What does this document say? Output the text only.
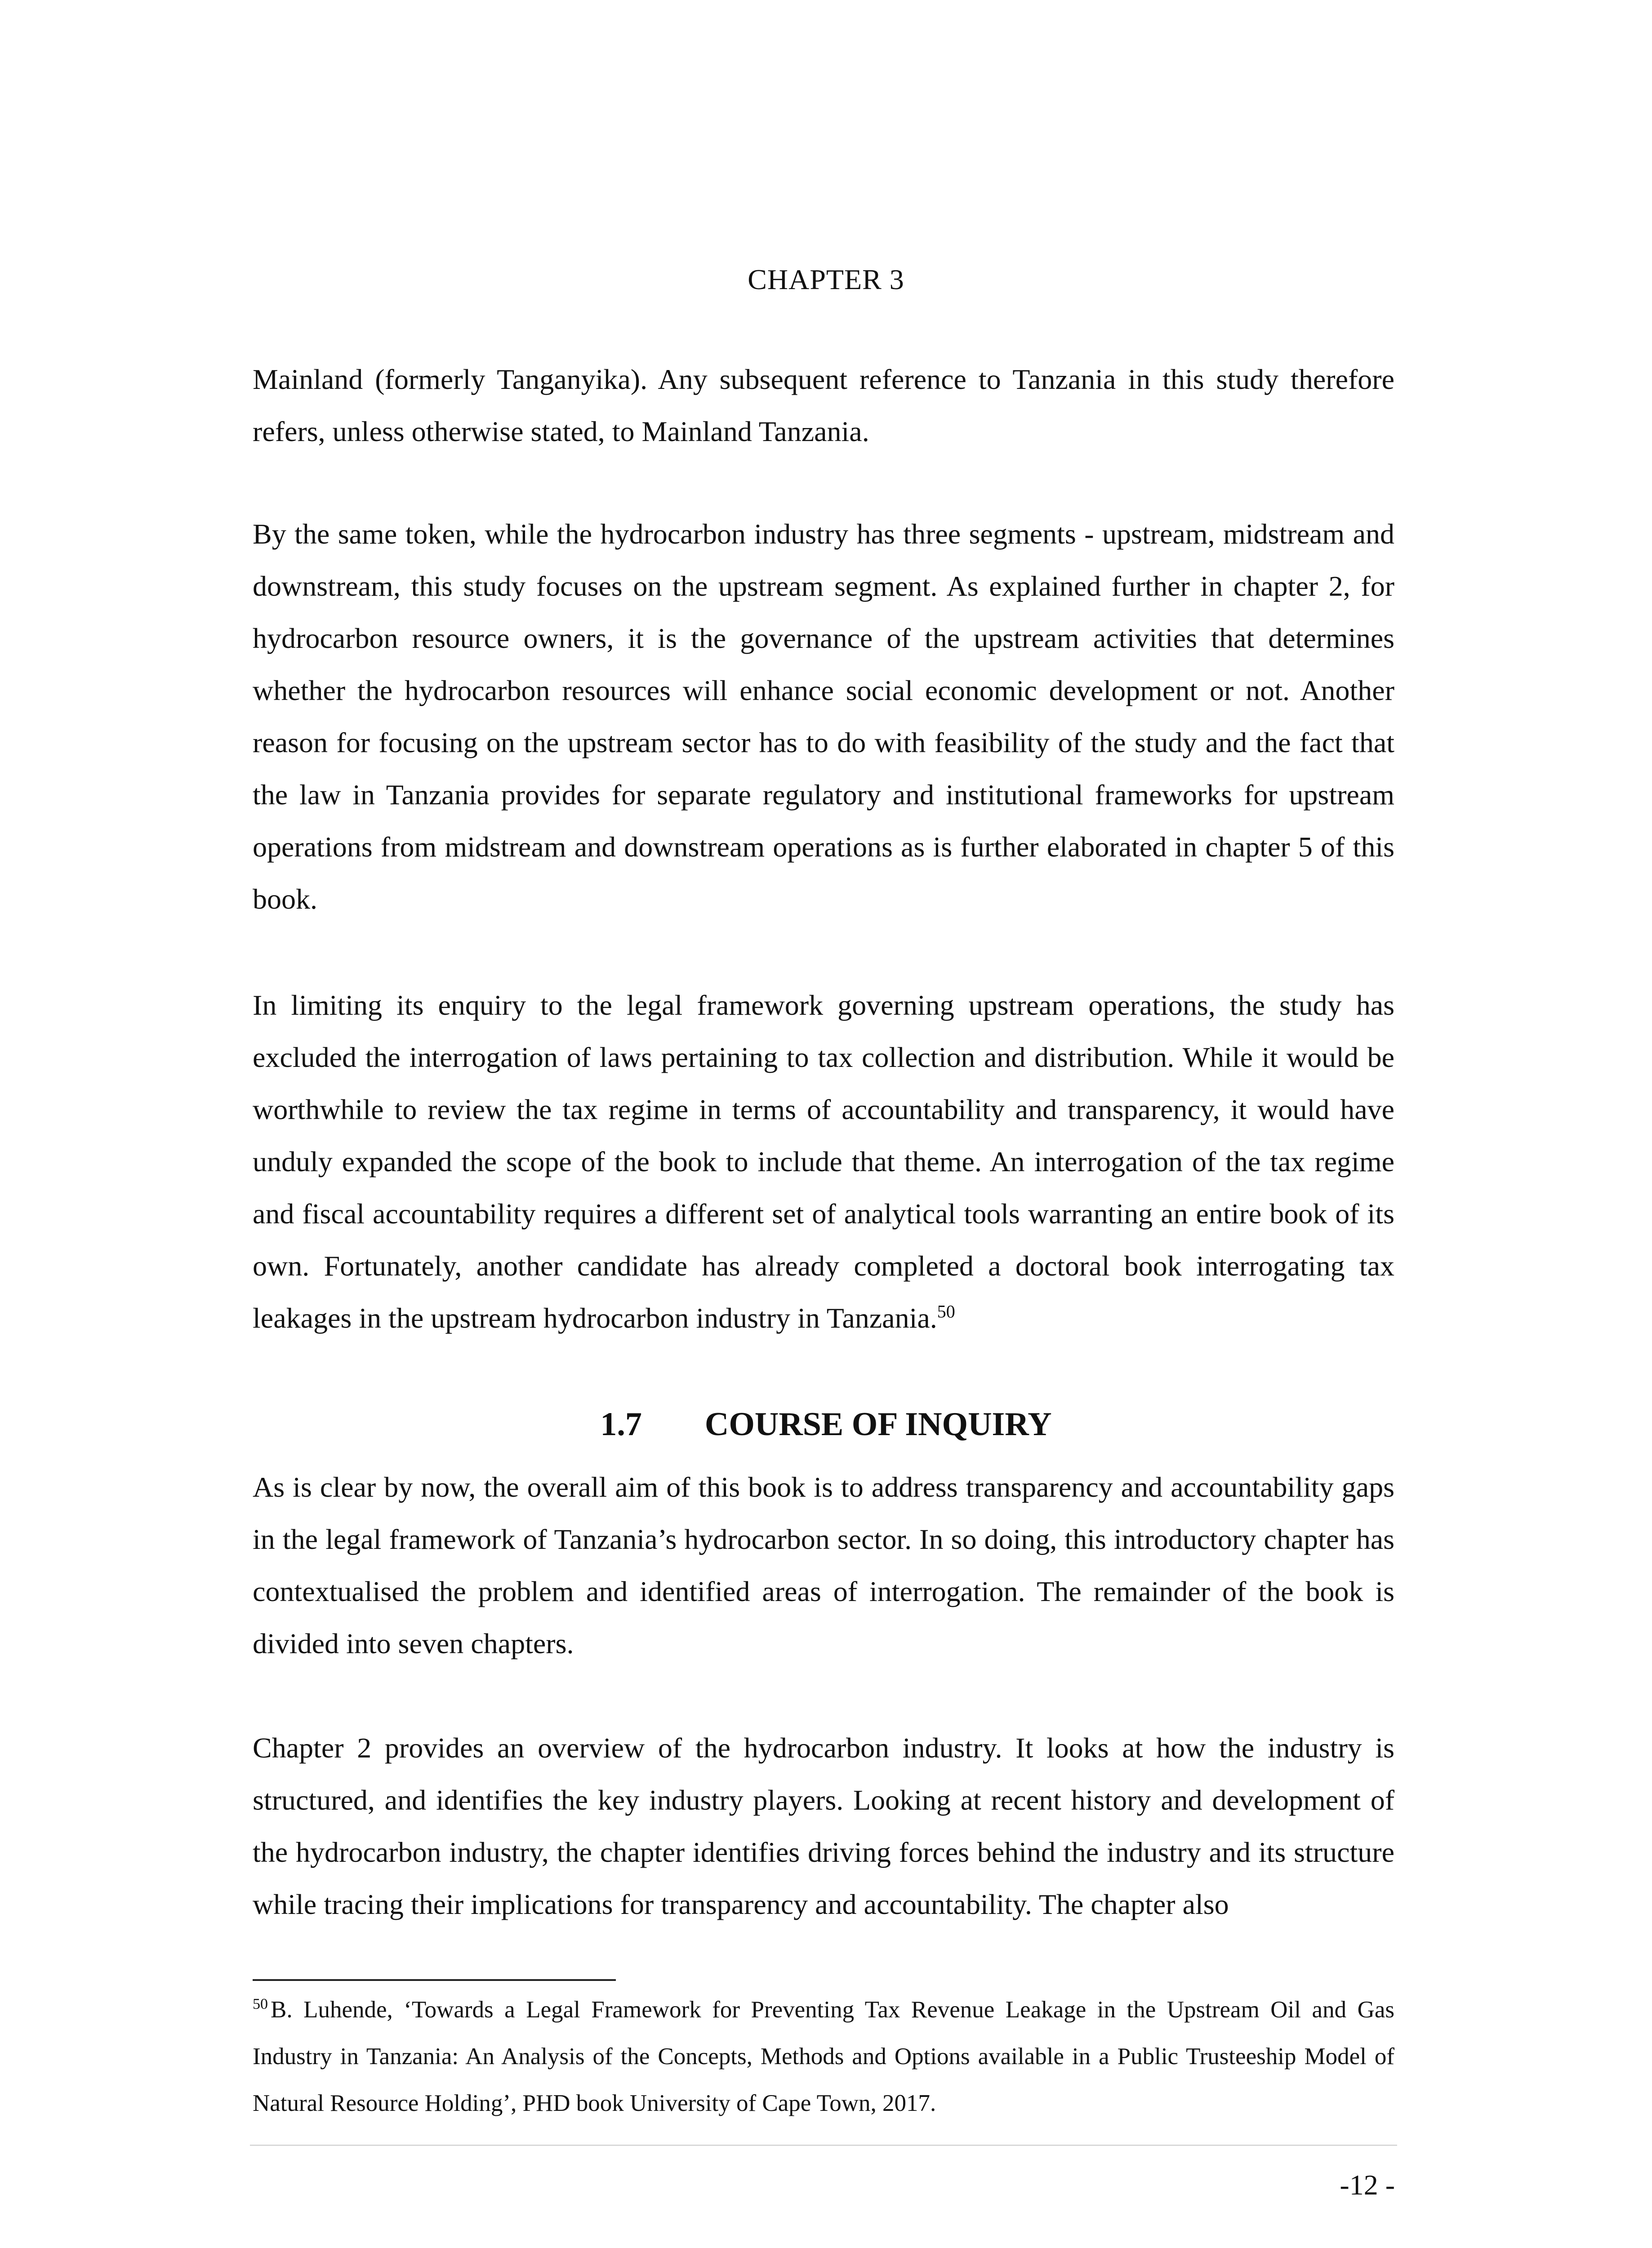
CHAPTER 3

Mainland (formerly Tanganyika). Any subsequent reference to Tanzania in this study therefore refers, unless otherwise stated, to Mainland Tanzania.

By the same token, while the hydrocarbon industry has three segments - upstream, midstream and downstream, this study focuses on the upstream segment. As explained further in chapter 2, for hydrocarbon resource owners, it is the governance of the upstream activities that determines whether the hydrocarbon resources will enhance social economic development or not. Another reason for focusing on the upstream sector has to do with feasibility of the study and the fact that the law in Tanzania provides for separate regulatory and institutional frameworks for upstream operations from midstream and downstream operations as is further elaborated in chapter 5 of this book.

In limiting its enquiry to the legal framework governing upstream operations, the study has excluded the interrogation of laws pertaining to tax collection and distribution. While it would be worthwhile to review the tax regime in terms of accountability and transparency, it would have unduly expanded the scope of the book to include that theme. An interrogation of the tax regime and fiscal accountability requires a different set of analytical tools warranting an entire book of its own. Fortunately, another candidate has already completed a doctoral book interrogating tax leakages in the upstream hydrocarbon industry in Tanzania.$^{50}$

1.7 COURSE OF INQUIRY

As is clear by now, the overall aim of this book is to address transparency and accountability gaps in the legal framework of Tanzania’s hydrocarbon sector. In so doing, this introductory chapter has contextualised the problem and identified areas of interrogation. The remainder of the book is divided into seven chapters.

Chapter 2 provides an overview of the hydrocarbon industry. It looks at how the industry is structured, and identifies the key industry players. Looking at recent history and development of the hydrocarbon industry, the chapter identifies driving forces behind the industry and its structure while tracing their implications for transparency and accountability. The chapter also

$^{50}$ B. Luhende, ‘Towards a Legal Framework for Preventing Tax Revenue Leakage in the Upstream Oil and Gas Industry in Tanzania: An Analysis of the Concepts, Methods and Options available in a Public Trusteeship Model of Natural Resource Holding’, PHD book University of Cape Town, 2017.

-12 -
